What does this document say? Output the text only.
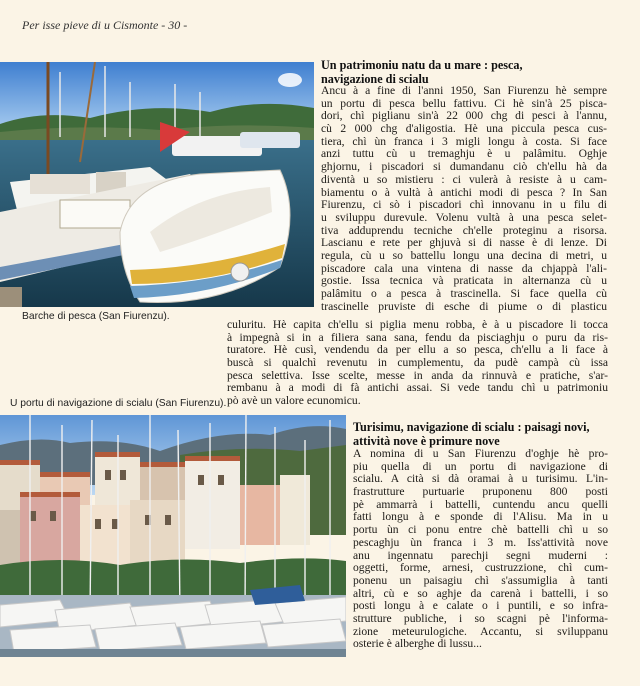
Per isse pieve di u Cismonte - 30 -
Barche di pesca (San Fiurenzu).
U portu di navigazione di scialu (San Fiurenzu).
Un patrimoniu natu da u mare : pesca,
navigazione di scialu
Ancu à a fine di l'anni 1950, San Fiurenzu hè sempre
un portu di pesca bellu fattivu. Ci hè sin'à 25 pisca-
dori, chì piglianu sin'à 22 000 chg di pesci à l'annu,
cù 2 000 chg d'aligostia. Hè una piccula pesca cus-
tiera, chì ùn franca i 3 migli longu à costa. Si face
anzi tuttu cù u tremaghju è u palâmitu. Oghje
ghjornu, i piscadori si dumandanu ciò ch'ellu hà da
diventà u so mistieru : ci vulerà à resiste à u cam-
biamentu o à vultà à antichi modi di pesca ? In San
Fiurenzu, ci sò i piscadori chì innovanu in u filu di
u sviluppu durevule. Volenu vultà à una pesca selet-
tiva adduprendu tecniche ch'elle proteginu a risorsa.
Lascianu e rete per ghjuvà si di nasse è di lenze. Di
regula, cù u so battellu longu una decina di metri, u
piscadore cala una vintena di nasse da chjappà l'ali-
gostie. Issa tecnica và praticata in alternanza cù u
palâmitu o a pesca à trascinella. Si face quella cù
trascinelle pruviste di esche di piume o di plasticu
culuritu. Hè capita ch'ellu si piglia menu robba, è à u piscadore li tocca
à impegnà si in a filiera sana sana, fendu da pisciaghju o puru da ris-
turatore. Hè cusì, vendendu da per ellu a so pesca, ch'ellu a li face à
buscà si qualchì revenutu in cumplementu, da pudè campà cù issa
pesca selettiva. Isse scelte, messe in anda da rinnuvà e pratiche, s'ar-
rembanu à a modi di fà antichi assai. Si vede tandu chì u patrimoniu
pò avè un valore ecunomicu.
Turisimu, navigazione di scialu : paisagi novi,
attività nove è primure nove
A nomina di u San Fiurenzu d'oghje hè pro-
piu quella di un portu di navigazione di
scialu. A cità si dà oramai à u turisimu. L'in-
frastrutture purtuarie pruponenu 800 posti
pè ammarrà i battelli, cuntendu ancu quelli
fatti longu à e sponde di l'Alisu. Ma in u
portu ùn ci ponu entre chè battelli chì u so
pescaghju ùn franca i 3 m. Iss'attività nove
anu ingennatu parechji segni muderni :
oggetti, forme, arnesi, custruzzione, chì cum-
ponenu un paisagiu chì s'assumiglia à tanti
altri, cù e so aghje da carenà i battelli, i so
posti longu à e calate o i puntili, e so infra-
strutture publiche, i so scagni pè l'informa-
zione meteurulogiche. Accantu, si sviluppanu
osterie è alberghe di lussu...
